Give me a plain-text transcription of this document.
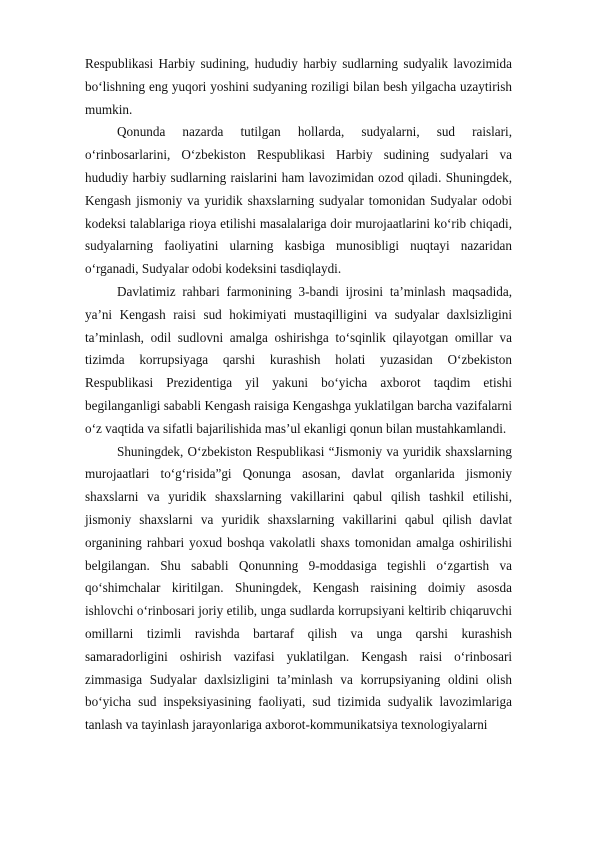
Respublikasi Harbiy sudining, hududiy harbiy sudlarning sudyalik lavozimida boʻlishning eng yuqori yoshini sudyaning roziligi bilan besh yilgacha uzaytirish mumkin.

Qonunda nazarda tutilgan hollarda, sudyalarni, sud raislari, oʻrinbosarlarini, Oʻzbekiston Respublikasi Harbiy sudining sudyalari va hududiy harbiy sudlarning raislarini ham lavozimidan ozod qiladi. Shuningdek, Kengash jismoniy va yuridik shaxslarning sudyalar tomonidan Sudyalar odobi kodeksi talablariga rioya etilishi masalalariga doir murojaatlarini koʻrib chiqadi, sudyalarning faoliyatini ularning kasbiga munosibligi nuqtayi nazaridan oʻrganadi, Sudyalar odobi kodeksini tasdiqlaydi.

Davlatimiz rahbari farmonining 3-bandi ijrosini taʼminlash maqsadida, yaʼni Kengash raisi sud hokimiyati mustaqilligini va sudyalar daxlsizligini taʼminlash, odil sudlovni amalga oshirishga toʻsqinlik qilayotgan omillar va tizimda korrupsiyaga qarshi kurashish holati yuzasidan Oʻzbekiston Respublikasi Prezidentiga yil yakuni boʻyicha axborot taqdim etishi begilanganligi sababli Kengash raisiga Kengashga yuklatilgan barcha vazifalarni oʻz vaqtida va sifatli bajarilishida masʼul ekanligi qonun bilan mustahkamlandi.

Shuningdek, Oʻzbekiston Respublikasi “Jismoniy va yuridik shaxslarning murojaatlari toʻgʻrisida”gi Qonunga asosan, davlat organlarida jismoniy shaxslarni va yuridik shaxslarning vakillarini qabul qilish tashkil etilishi, jismoniy shaxslarni va yuridik shaxslarning vakillarini qabul qilish davlat organining rahbari yoxud boshqa vakolatli shaxs tomonidan amalga oshirilishi belgilangan. Shu sababli Qonunning 9-moddasiga tegishli oʻzgartish va qoʻshimchalar kiritilgan. Shuningdek, Kengash raisining doimiy asosda ishlovchi oʻrinbosari joriy etilib, unga sudlarda korrupsiyani keltirib chiqaruvchi omillarni tizimli ravishda bartaraf qilish va unga qarshi kurashish samaradorligini oshirish vazifasi yuklatilgan. Kengash raisi oʻrinbosari zimmasiga Sudyalar daxlsizligini taʼminlash va korrupsiyaning oldini olish boʻyicha sud inspeksiyasining faoliyati, sud tizimida sudyalik lavozimlariga tanlash va tayinlash jarayonlariga axborot-kommunikatsiya texnologiyalarni
